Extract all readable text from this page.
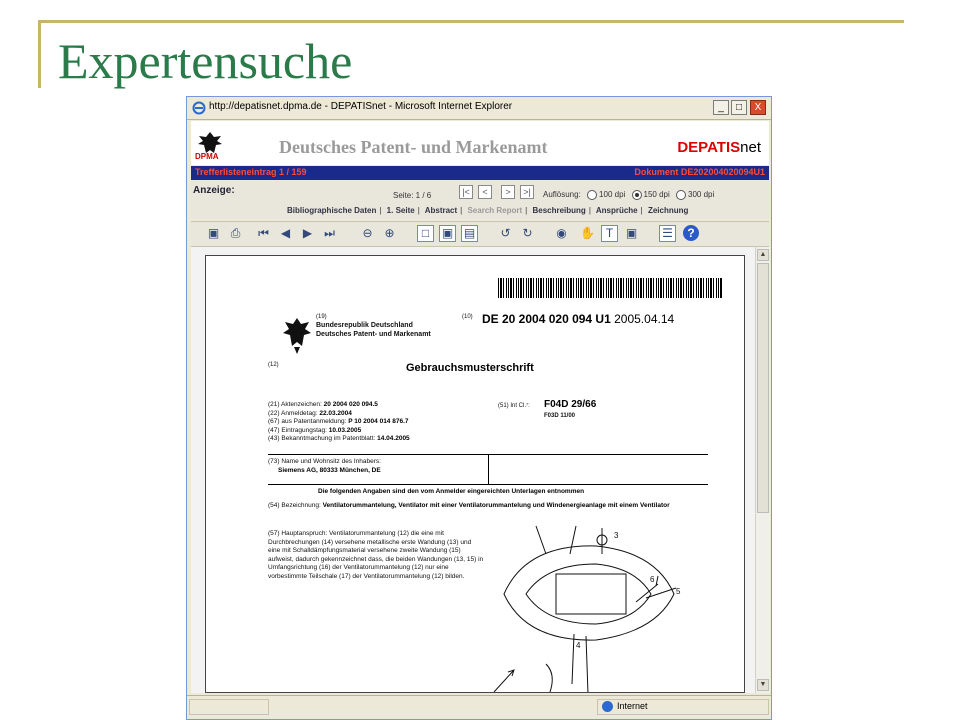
Expertensuche
http://depatisnet.dpma.de - DEPATISnet - Microsoft Internet Explorer	_	□	X
DPMA	Deutsches Patent- und Markenamt	DEPATISnet
Trefferlisteneintrag 1 / 159	Dokument DE202004020094U1
Anzeige:	Seite: 1 / 6	|<	<	>	>|	Auflösung: 100 dpi 150 dpi 300 dpi
Bibliographische Daten | 1. Seite | Abstract | Search Report | Beschreibung | Ansprüche | Zeichnung
▣ ⎙	⏮ ◀	▶ ⏭ ⊖ ⊕	□	▣ ▤ ↺ ↻ ◉ ✋ T	▣ ☰	?
(19)
Bundesrepublik Deutschland
Deutsches Patent- und Markenamt
(10) DE 20 2004 020 094 U1 2005.04.14
(12)	Gebrauchsmusterschrift
(21) Aktenzeichen: 20 2004 020 094.5
(22) Anmeldetag: 22.03.2004
(67) aus Patentanmeldung: P 10 2004 014 876.7
(47) Eintragungstag: 10.03.2005
(43) Bekanntmachung im Patentblatt: 14.04.2005
(51) Int Cl.⁷: F04D 29/66
F03D 11/00
(73) Name und Wohnsitz des Inhabers:
Siemens AG, 80333 München, DE
Die folgenden Angaben sind den vom Anmelder eingereichten Unterlagen entnommen
(54) Bezeichnung: Ventilatorummantelung, Ventilator mit einer Ventilatorummantelung und Windenergieanlage mit einem Ventilator
(57) Hauptanspruch: Ventilatorummantelung (12) die eine mit Durchbrechungen (14) versehene metallische erste Wandung (13) und eine mit Schalldämpfungsmaterial versehene zweite Wandung (15) aufweist, dadurch gekennzeichnet dass, die beiden Wandungen (13, 15) in Umfangsrichtung (16) der Ventilatorummantelung (12) nur eine vorbestimmte Teilschale (17) der Ventilatorummantelung (12) bilden.
3
6
5
4
▲
▼
Internet
